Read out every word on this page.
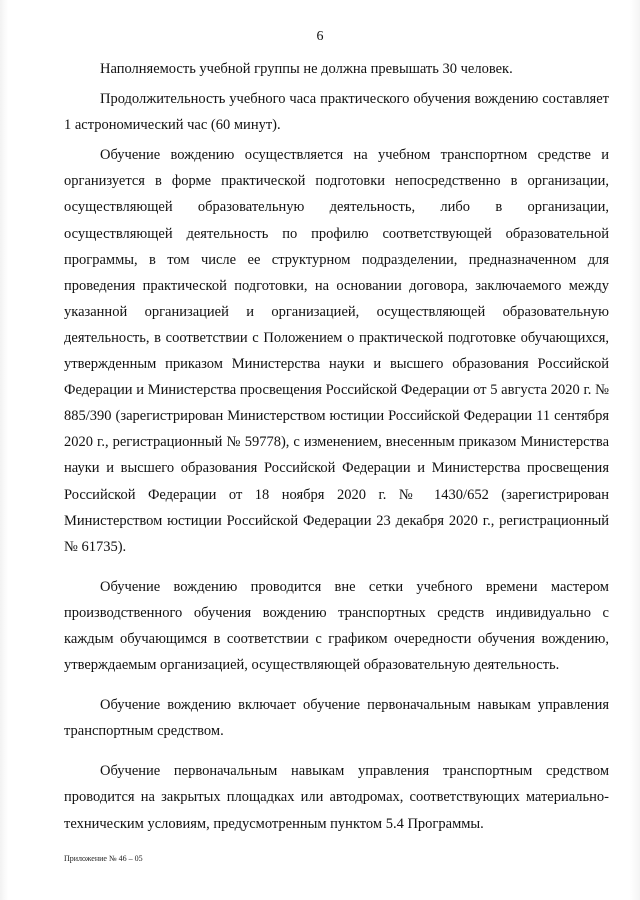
6

Наполняемость учебной группы не должна превышать 30 человек.

Продолжительность учебного часа практического обучения вождению составляет 1 астрономический час (60 минут).

Обучение вождению осуществляется на учебном транспортном средстве и организуется в форме практической подготовки непосредственно в организации, осуществляющей образовательную деятельность, либо в организации, осуществляющей деятельность по профилю соответствующей образовательной программы, в том числе ее структурном подразделении, предназначенном для проведения практической подготовки, на основании договора, заключаемого между указанной организацией и организацией, осуществляющей образовательную деятельность, в соответствии с Положением о практической подготовке обучающихся, утвержденным приказом Министерства науки и высшего образования Российской Федерации и Министерства просвещения Российской Федерации от 5 августа 2020 г. № 885/390 (зарегистрирован Министерством юстиции Российской Федерации 11 сентября 2020 г., регистрационный № 59778), с изменением, внесенным приказом Министерства науки и высшего образования Российской Федерации и Министерства просвещения Российской Федерации от 18 ноября 2020 г. № 1430/652 (зарегистрирован Министерством юстиции Российской Федерации 23 декабря 2020 г., регистрационный № 61735).

Обучение вождению проводится вне сетки учебного времени мастером производственного обучения вождению транспортных средств индивидуально с каждым обучающимся в соответствии с графиком очередности обучения вождению, утверждаемым организацией, осуществляющей образовательную деятельность.

Обучение вождению включает обучение первоначальным навыкам управления транспортным средством.

Обучение первоначальным навыкам управления транспортным средством проводится на закрытых площадках или автодромах, соответствующих материально-техническим условиям, предусмотренным пунктом 5.4 Программы.

Приложение № 46 – 05
